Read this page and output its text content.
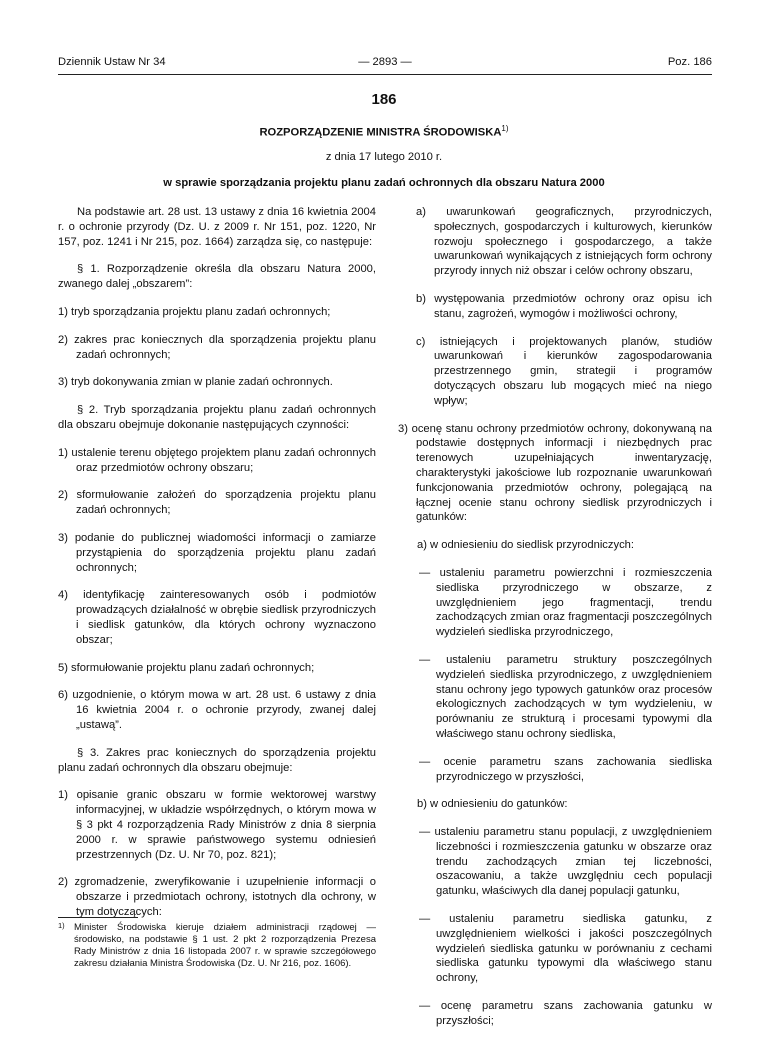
Dziennik Ustaw Nr 34	— 2893 —	Poz. 186
186
ROZPORZĄDZENIE MINISTRA ŚRODOWISKA$^{1)}$
z dnia 17 lutego 2010 r.
w sprawie sporządzania projektu planu zadań ochronnych dla obszaru Natura 2000

Na podstawie art. 28 ust. 13 ustawy z dnia 16 kwietnia 2004 r. o ochronie przyrody (Dz. U. z 2009 r. Nr 151, poz. 1220, Nr 157, poz. 1241 i Nr 215, poz. 1664) zarządza się, co następuje:

§ 1. Rozporządzenie określa dla obszaru Natura 2000, zwanego dalej „obszarem”:

1) tryb sporządzania projektu planu zadań ochronnych;

2) zakres prac koniecznych dla sporządzenia projektu planu zadań ochronnych;

3) tryb dokonywania zmian w planie zadań ochronnych.

§ 2. Tryb sporządzania projektu planu zadań ochronnych dla obszaru obejmuje dokonanie następujących czynności:

1) ustalenie terenu objętego projektem planu zadań ochronnych oraz przedmiotów ochrony obszaru;

2) sformułowanie założeń do sporządzenia projektu planu zadań ochronnych;

3) podanie do publicznej wiadomości informacji o zamiarze przystąpienia do sporządzenia projektu planu zadań ochronnych;

4) identyfikację zainteresowanych osób i podmiotów prowadzących działalność w obrębie siedlisk przyrodniczych i siedlisk gatunków, dla których ochrony wyznaczono obszar;

5) sformułowanie projektu planu zadań ochronnych;

6) uzgodnienie, o którym mowa w art. 28 ust. 6 ustawy z dnia 16 kwietnia 2004 r. o ochronie przyrody, zwanej dalej „ustawą”.

§ 3. Zakres prac koniecznych do sporządzenia projektu planu zadań ochronnych dla obszaru obejmuje:

1) opisanie granic obszaru w formie wektorowej warstwy informacyjnej, w układzie współrzędnych, o którym mowa w § 3 pkt 4 rozporządzenia Rady Ministrów z dnia 8 sierpnia 2000 r. w sprawie państwowego systemu odniesień przestrzennych (Dz. U. Nr 70, poz. 821);

2) zgromadzenie, zweryfikowanie i uzupełnienie informacji o obszarze i przedmiotach ochrony, istotnych dla ochrony, w tym dotyczących:

a) uwarunkowań geograficznych, przyrodniczych, społecznych, gospodarczych i kulturowych, kierunków rozwoju społecznego i gospodarczego, a także uwarunkowań wynikających z istniejących form ochrony przyrody innych niż obszar i celów ochrony obszaru,

b) występowania przedmiotów ochrony oraz opisu ich stanu, zagrożeń, wymogów i możliwości ochrony,

c) istniejących i projektowanych planów, studiów uwarunkowań i kierunków zagospodarowania przestrzennego gmin, strategii i programów dotyczących obszaru lub mogących mieć na niego wpływ;

3) ocenę stanu ochrony przedmiotów ochrony, dokonywaną na podstawie dostępnych informacji i niezbędnych prac terenowych uzupełniających inwentaryzację, charakterystyki jakościowe lub rozpoznanie uwarunkowań funkcjonowania przedmiotów ochrony, polegającą na łącznej ocenie stanu ochrony siedlisk przyrodniczych i gatunków:

a) w odniesieniu do siedlisk przyrodniczych:

— ustaleniu parametru powierzchni i rozmieszczenia siedliska przyrodniczego w obszarze, z uwzględnieniem jego fragmentacji, trendu zachodzących zmian oraz fragmentacji poszczególnych wydzieleń siedliska przyrodniczego,

— ustaleniu parametru struktury poszczególnych wydzieleń siedliska przyrodniczego, z uwzględnieniem stanu ochrony jego typowych gatunków oraz procesów ekologicznych zachodzących w tym wydzieleniu, w porównaniu ze strukturą i procesami typowymi dla właściwego stanu ochrony siedliska,

— ocenie parametru szans zachowania siedliska przyrodniczego w przyszłości,

b) w odniesieniu do gatunków:

— ustaleniu parametru stanu populacji, z uwzględnieniem liczebności i rozmieszczenia gatunku w obszarze oraz trendu zachodzących zmian tej liczebności, oszacowaniu, a także uwzględniu cech populacji gatunku, właściwych dla danej populacji gatunku,

— ustaleniu parametru siedliska gatunku, z uwzględnieniem wielkości i jakości poszczególnych wydzieleń siedliska gatunku w porównaniu z cechami siedliska gatunku typowymi dla właściwego stanu ochrony,

— ocenę parametru szans zachowania gatunku w przyszłości;

1) Minister Środowiska kieruje działem administracji rządowej — środowisko, na podstawie § 1 ust. 2 pkt 2 rozporządzenia Prezesa Rady Ministrów z dnia 16 listopada 2007 r. w sprawie szczegółowego zakresu działania Ministra Środowiska (Dz. U. Nr 216, poz. 1606).
